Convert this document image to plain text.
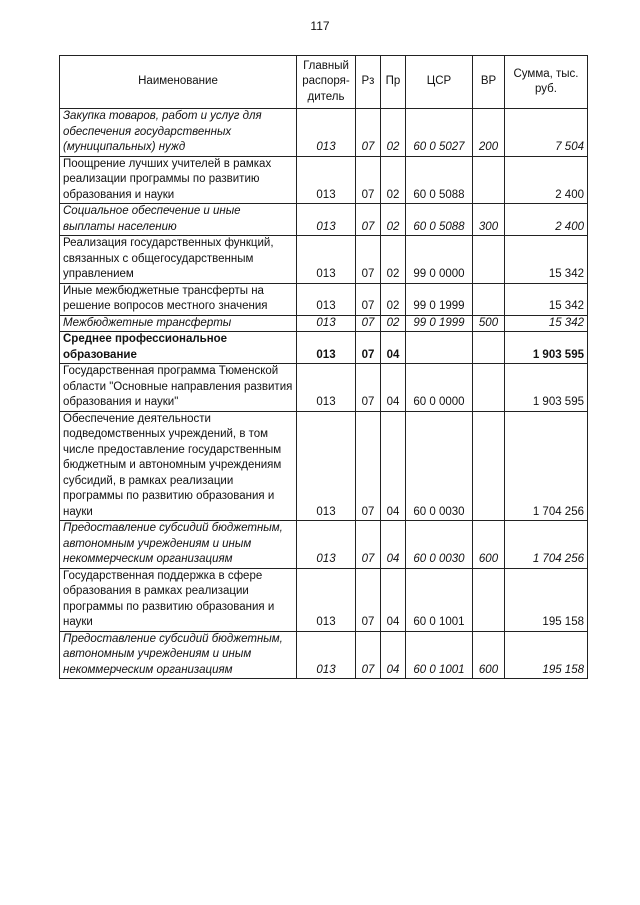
117
Наименование	Главный распоря-дитель	Рз	Пр	ЦСР	ВР	Сумма, тыс. руб.
Закупка товаров, работ и услуг для обеспечения государственных (муниципальных) нужд	013	07	02	60 0 5027	200	7 504
Поощрение лучших учителей в рамках реализации программы по развитию образования и науки	013	07	02	60 0 5088		2 400
Социальное обеспечение и иные выплаты населению	013	07	02	60 0 5088	300	2 400
Реализация государственных функций, связанных с общегосударственным управлением	013	07	02	99 0 0000		15 342
Иные межбюджетные трансферты на решение вопросов местного значения	013	07	02	99 0 1999		15 342
Межбюджетные трансферты	013	07	02	99 0 1999	500	15 342
Среднее профессиональное образование	013	07	04			1 903 595
Государственная программа Тюменской области "Основные направления развития образования и науки"	013	07	04	60 0 0000		1 903 595
Обеспечение деятельности подведомственных учреждений, в том числе предоставление государственным бюджетным и автономным учреждениям субсидий, в рамках реализации программы по развитию образования и науки	013	07	04	60 0 0030		1 704 256
Предоставление субсидий бюджетным, автономным учреждениям и иным некоммерческим организациям	013	07	04	60 0 0030	600	1 704 256
Государственная поддержка в сфере образования в рамках реализации программы по развитию образования и науки	013	07	04	60 0 1001		195 158
Предоставление субсидий бюджетным, автономным учреждениям и иным некоммерческим организациям	013	07	04	60 0 1001	600	195 158
